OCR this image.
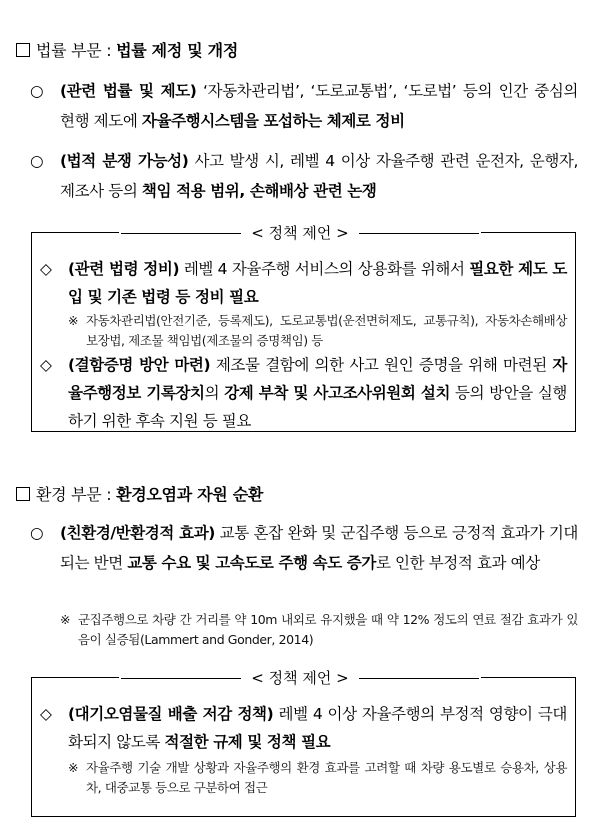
법률 부문 : 법률 제정 및 개정
○	(관련 법률 및 제도) ‘자동차관리법’, ‘도로교통법’, ‘도로법’ 등의 인간 중심의 현행 제도에 자율주행시스템을 포섭하는 체제로 정비
○	(법적 분쟁 가능성) 사고 발생 시, 레벨 4 이상 자율주행 관련 운전자, 운행자, 제조사 등의 책임 적용 범위, 손해배상 관련 논쟁
◇	(관련 법령 정비) 레벨 4 자율주행 서비스의 상용화를 위해서 필요한 제도 도입 및 기존 법령 등 정비 필요
※ 자동차관리법(안전기준, 등록제도), 도로교통법(운전면허제도, 교통규칙), 자동차손해배상 보장법, 제조물 책임법(제조물의 증명책임) 등
◇	(결함증명 방안 마련) 제조물 결함에 의한 사고 원인 증명을 위해 마련된 자율주행정보 기록장치의 강제 부착 및 사고조사위원회 설치 등의 방안을 실행하기 위한 후속 지원 등 필요
< 정책 제언 >
환경 부문 : 환경오염과 자원 순환
○	(친환경/반환경적 효과) 교통 혼잡 완화 및 군집주행 등으로 긍정적 효과가 기대되는 반면 교통 수요 및 고속도로 주행 속도 증가로 인한 부정적 효과 예상
※ 군집주행으로 차량 간 거리를 약 10m 내외로 유지했을 때 약 12% 정도의 연료 절감 효과가 있음이 실증됨(Lammert and Gonder, 2014)
◇	(대기오염물질 배출 저감 정책) 레벨 4 이상 자율주행의 부정적 영향이 극대화되지 않도록 적절한 규제 및 정책 필요
※ 자율주행 기술 개발 상황과 자율주행의 환경 효과를 고려할 때 차량 용도별로 승용차, 상용차, 대중교통 등으로 구분하여 접근
< 정책 제언 >
